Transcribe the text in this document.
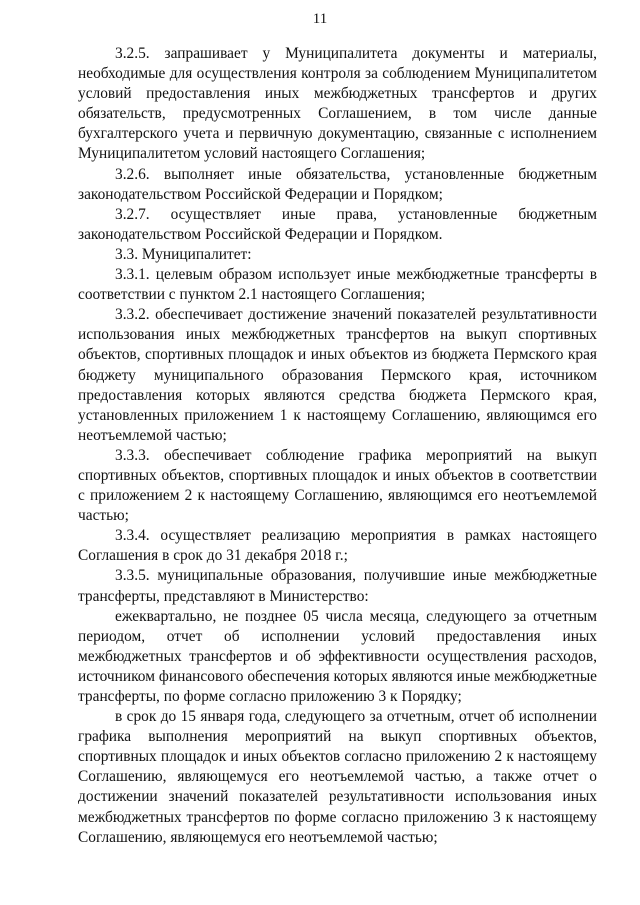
11

3.2.5. запрашивает у Муниципалитета документы и материалы, необходимые для осуществления контроля за соблюдением Муниципалитетом условий предоставления иных межбюджетных трансфертов и других обязательств, предусмотренных Соглашением, в том числе данные бухгалтерского учета и первичную документацию, связанные с исполнением Муниципалитетом условий настоящего Соглашения;

3.2.6. выполняет иные обязательства, установленные бюджетным законодательством Российской Федерации и Порядком;

3.2.7. осуществляет иные права, установленные бюджетным законодательством Российской Федерации и Порядком.

3.3. Муниципалитет:

3.3.1. целевым образом использует иные межбюджетные трансферты в соответствии с пунктом 2.1 настоящего Соглашения;

3.3.2. обеспечивает достижение значений показателей результативности использования иных межбюджетных трансфертов на выкуп спортивных объектов, спортивных площадок и иных объектов из бюджета Пермского края бюджету муниципального образования Пермского края, источником предоставления которых являются средства бюджета Пермского края, установленных приложением 1 к настоящему Соглашению, являющимся его неотъемлемой частью;

3.3.3. обеспечивает соблюдение графика мероприятий на выкуп спортивных объектов, спортивных площадок и иных объектов в соответствии с приложением 2 к настоящему Соглашению, являющимся его неотъемлемой частью;

3.3.4. осуществляет реализацию мероприятия в рамках настоящего Соглашения в срок до 31 декабря 2018 г.;

3.3.5. муниципальные образования, получившие иные межбюджетные трансферты, представляют в Министерство:

ежеквартально, не позднее 05 числа месяца, следующего за отчетным периодом, отчет об исполнении условий предоставления иных межбюджетных трансфертов и об эффективности осуществления расходов, источником финансового обеспечения которых являются иные межбюджетные трансферты, по форме согласно приложению 3 к Порядку;

в срок до 15 января года, следующего за отчетным, отчет об исполнении графика выполнения мероприятий на выкуп спортивных объектов, спортивных площадок и иных объектов согласно приложению 2 к настоящему Соглашению, являющемуся его неотъемлемой частью, а также отчет о достижении значений показателей результативности использования иных межбюджетных трансфертов по форме согласно приложению 3 к настоящему Соглашению, являющемуся его неотъемлемой частью;
